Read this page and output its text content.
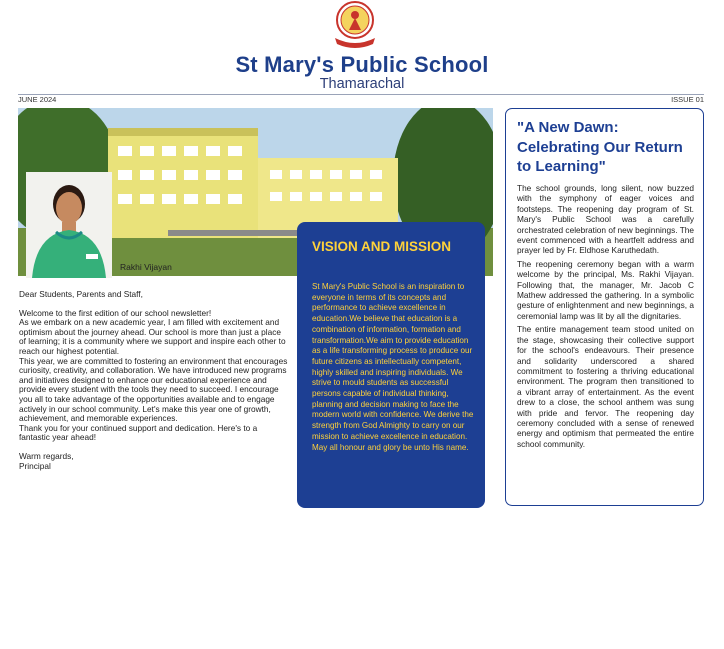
St Mary's Public School
Thamarachal
JUNE 2024	ISSUE 01
Rakhi Vijayan
VISION AND MISSION
St Mary's Public School is an inspiration to everyone in terms of its concepts and performance to achieve excellence in education.We believe that education is a combination of information, formation and transformation.We aim to provide education as a life transforming process to produce our future citizens as intellectually competent, highly skilled and inspiring individuals. We strive to mould students as successful persons capable of individual thinking, planning and decision making to face the modern world with confidence. We derive the strength from God Almighty to carry on our mission to achieve excellence in education. May all honour and glory be unto His name.

Dear Students, Parents and Staff,

Welcome to the first edition of our school newsletter!

As we embark on a new academic year, I am filled with excitement and optimism about the journey ahead. Our school is more than just a place of learning; it is a community where we support and inspire each other to reach our highest potential.

This year, we are committed to fostering an environment that encourages curiosity, creativity, and collaboration. We have introduced new programs and initiatives designed to enhance our educational experience and provide every student with the tools they need to succeed. I encourage you all to take advantage of the opportunities available and to engage actively in our school community. Let's make this year one of growth, achievement, and memorable experiences.

Thank you for your continued support and dedication. Here's to a fantastic year ahead!

Warm regards,

Principal

"A New Dawn: Celebrating Our Return to Learning"

The school grounds, long silent, now buzzed with the symphony of eager voices and footsteps. The reopening day program of St. Mary's Public School was a carefully orchestrated celebration of new beginnings. The event commenced with a heartfelt address and prayer led by Fr. Eldhose Karuthedath.

The reopening ceremony began with a warm welcome by the principal, Ms. Rakhi Vijayan. Following that, the manager, Mr. Jacob C Mathew addressed the gathering. In a symbolic gesture of enlightenment and new beginnings, a ceremonial lamp was lit by all the dignitaries.

The entire management team stood united on the stage, showcasing their collective support for the school's endeavours. Their presence and solidarity underscored a shared commitment to fostering a thriving educational environment. The program then transitioned to a vibrant array of entertainment. As the event drew to a close, the school anthem was sung with pride and fervor. The reopening day ceremony concluded with a sense of renewed energy and optimism that permeated the entire school community.
